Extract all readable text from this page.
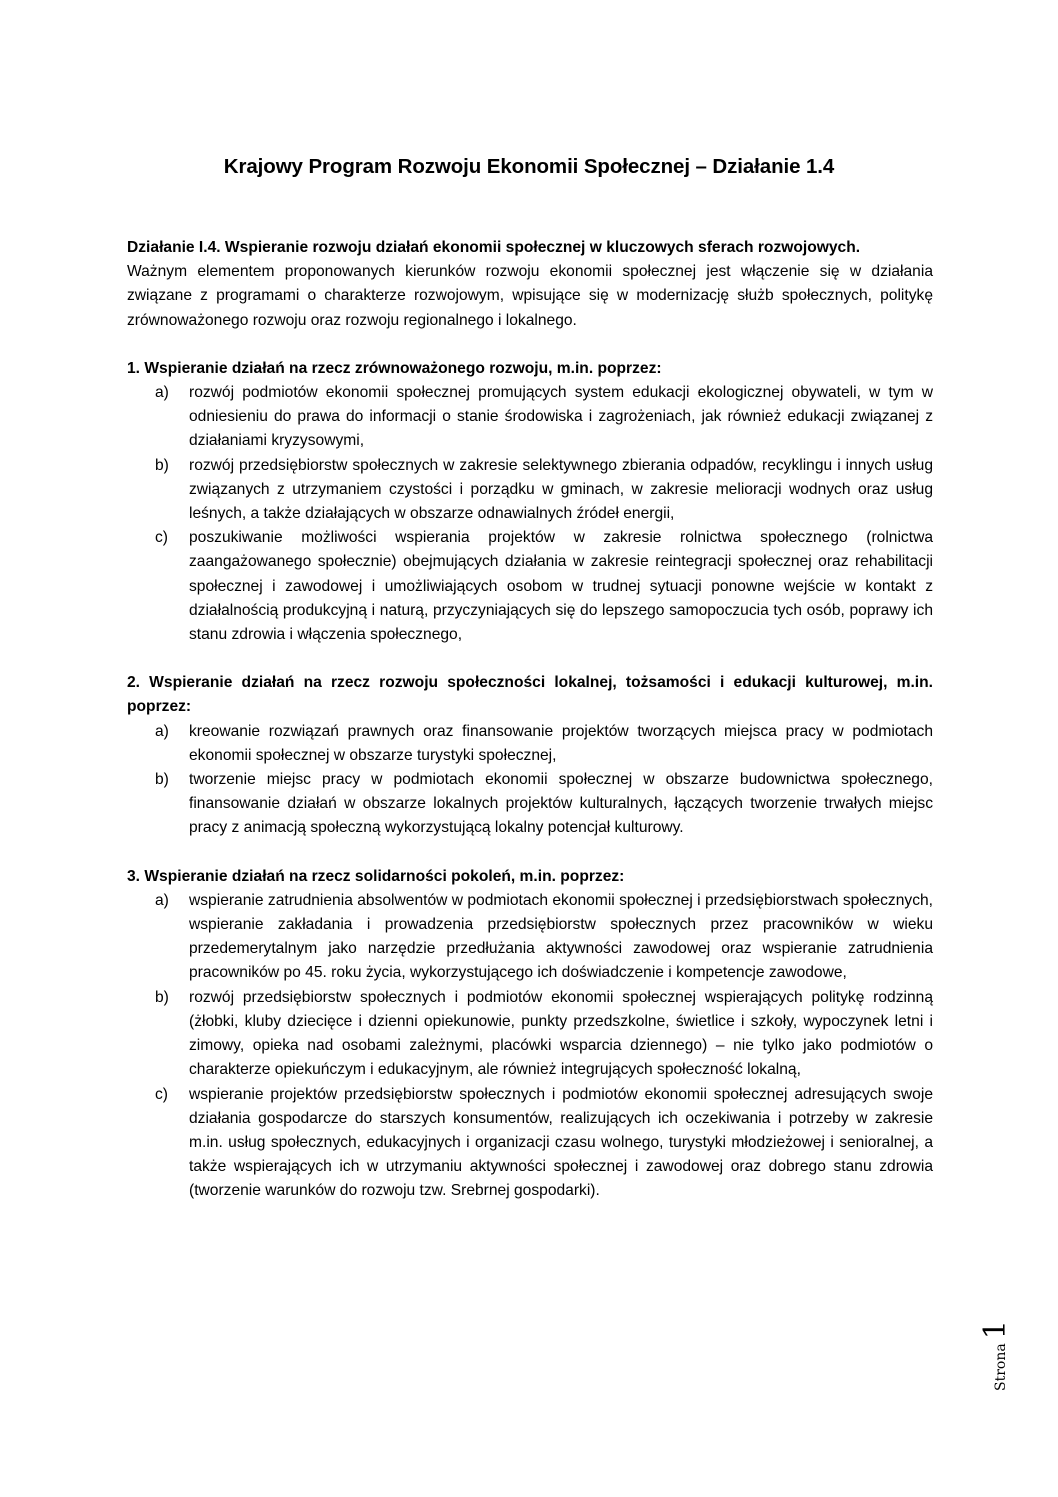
Krajowy Program Rozwoju Ekonomii Społecznej – Działanie 1.4

Działanie I.4. Wspieranie rozwoju działań ekonomii społecznej w kluczowych sferach rozwojowych.

Ważnym elementem proponowanych kierunków rozwoju ekonomii społecznej jest włączenie się w działania związane z programami o charakterze rozwojowym, wpisujące się w modernizację służb społecznych, politykę zrównoważonego rozwoju oraz rozwoju regionalnego i lokalnego.

1. Wspieranie działań na rzecz zrównoważonego rozwoju, m.in. poprzez:
a) rozwój podmiotów ekonomii społecznej promujących system edukacji ekologicznej obywateli, w tym w odniesieniu do prawa do informacji o stanie środowiska i zagrożeniach, jak również edukacji związanej z działaniami kryzysowymi,
b) rozwój przedsiębiorstw społecznych w zakresie selektywnego zbierania odpadów, recyklingu i innych usług związanych z utrzymaniem czystości i porządku w gminach, w zakresie melioracji wodnych oraz usług leśnych, a także działających w obszarze odnawialnych źródeł energii,
c) poszukiwanie możliwości wspierania projektów w zakresie rolnictwa społecznego (rolnictwa zaangażowanego społecznie) obejmujących działania w zakresie reintegracji społecznej oraz rehabilitacji społecznej i zawodowej i umożliwiających osobom w trudnej sytuacji ponowne wejście w kontakt z działalnością produkcyjną i naturą, przyczyniających się do lepszego samopoczucia tych osób, poprawy ich stanu zdrowia i włączenia społecznego,
2. Wspieranie działań na rzecz rozwoju społeczności lokalnej, tożsamości i edukacji kulturowej, m.in. poprzez:
a) kreowanie rozwiązań prawnych oraz finansowanie projektów tworzących miejsca pracy w podmiotach ekonomii społecznej w obszarze turystyki społecznej,
b) tworzenie miejsc pracy w podmiotach ekonomii społecznej w obszarze budownictwa społecznego, finansowanie działań w obszarze lokalnych projektów kulturalnych, łączących tworzenie trwałych miejsc pracy z animacją społeczną wykorzystującą lokalny potencjał kulturowy.
3. Wspieranie działań na rzecz solidarności pokoleń, m.in. poprzez:
a) wspieranie zatrudnienia absolwentów w podmiotach ekonomii społecznej i przedsiębiorstwach społecznych, wspieranie zakładania i prowadzenia przedsiębiorstw społecznych przez pracowników w wieku przedemerytalnym jako narzędzie przedłużania aktywności zawodowej oraz wspieranie zatrudnienia pracowników po 45. roku życia, wykorzystującego ich doświadczenie i kompetencje zawodowe,
b) rozwój przedsiębiorstw społecznych i podmiotów ekonomii społecznej wspierających politykę rodzinną (żłobki, kluby dziecięce i dzienni opiekunowie, punkty przedszkolne, świetlice i szkoły, wypoczynek letni i zimowy, opieka nad osobami zależnymi, placówki wsparcia dziennego) – nie tylko jako podmiotów o charakterze opiekuńczym i edukacyjnym, ale również integrujących społeczność lokalną,
c) wspieranie projektów przedsiębiorstw społecznych i podmiotów ekonomii społecznej adresujących swoje działania gospodarcze do starszych konsumentów, realizujących ich oczekiwania i potrzeby w zakresie m.in. usług społecznych, edukacyjnych i organizacji czasu wolnego, turystyki młodzieżowej i senioralnej, a także wspierających ich w utrzymaniu aktywności społecznej i zawodowej oraz dobrego stanu zdrowia (tworzenie warunków do rozwoju tzw. Srebrnej gospodarki).
Strona1
